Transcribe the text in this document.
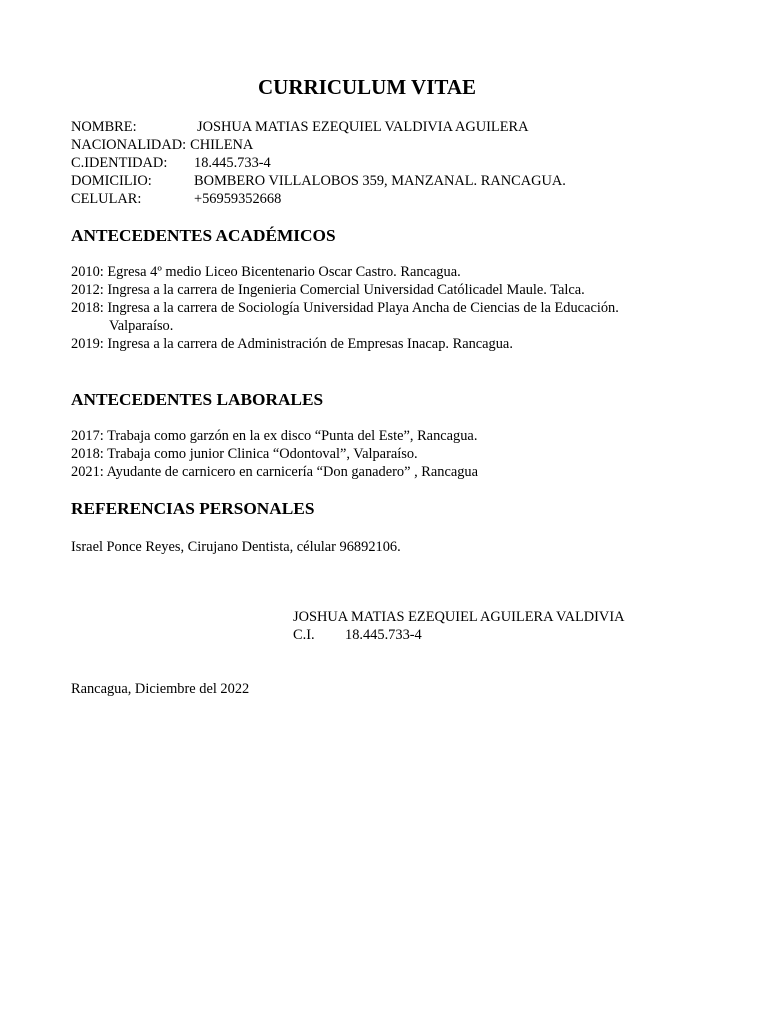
CURRICULUM VITAE
NOMBRE:	JOSHUA MATIAS EZEQUIEL VALDIVIA AGUILERA
NACIONALIDAD: CHILENA
C.IDENTIDAD:	18.445.733-4
DOMICILIO:	BOMBERO VILLALOBOS 359, MANZANAL. RANCAGUA.
CELULAR:	+56959352668
ANTECEDENTES ACADÉMICOS
2010: Egresa 4º medio Liceo Bicentenario Oscar Castro. Rancagua.
2012: Ingresa a la carrera de Ingenieria Comercial Universidad Católicadel Maule. Talca.
2018: Ingresa a la carrera de Sociología Universidad Playa Ancha de Ciencias de la Educación.
Valparaíso.
2019: Ingresa a la carrera de Administración de Empresas Inacap. Rancagua.
ANTECEDENTES LABORALES
2017: Trabaja como garzón en la ex disco “Punta del Este”, Rancagua.
2018: Trabaja como junior Clinica “Odontoval”, Valparaíso.
2021: Ayudante de carnicero en carnicería “Don ganadero” , Rancagua
REFERENCIAS PERSONALES
Israel Ponce Reyes, Cirujano Dentista, célular 96892106.
JOSHUA MATIAS EZEQUIEL AGUILERA VALDIVIA
C.I. 18.445.733-4
Rancagua, Diciembre del 2022
